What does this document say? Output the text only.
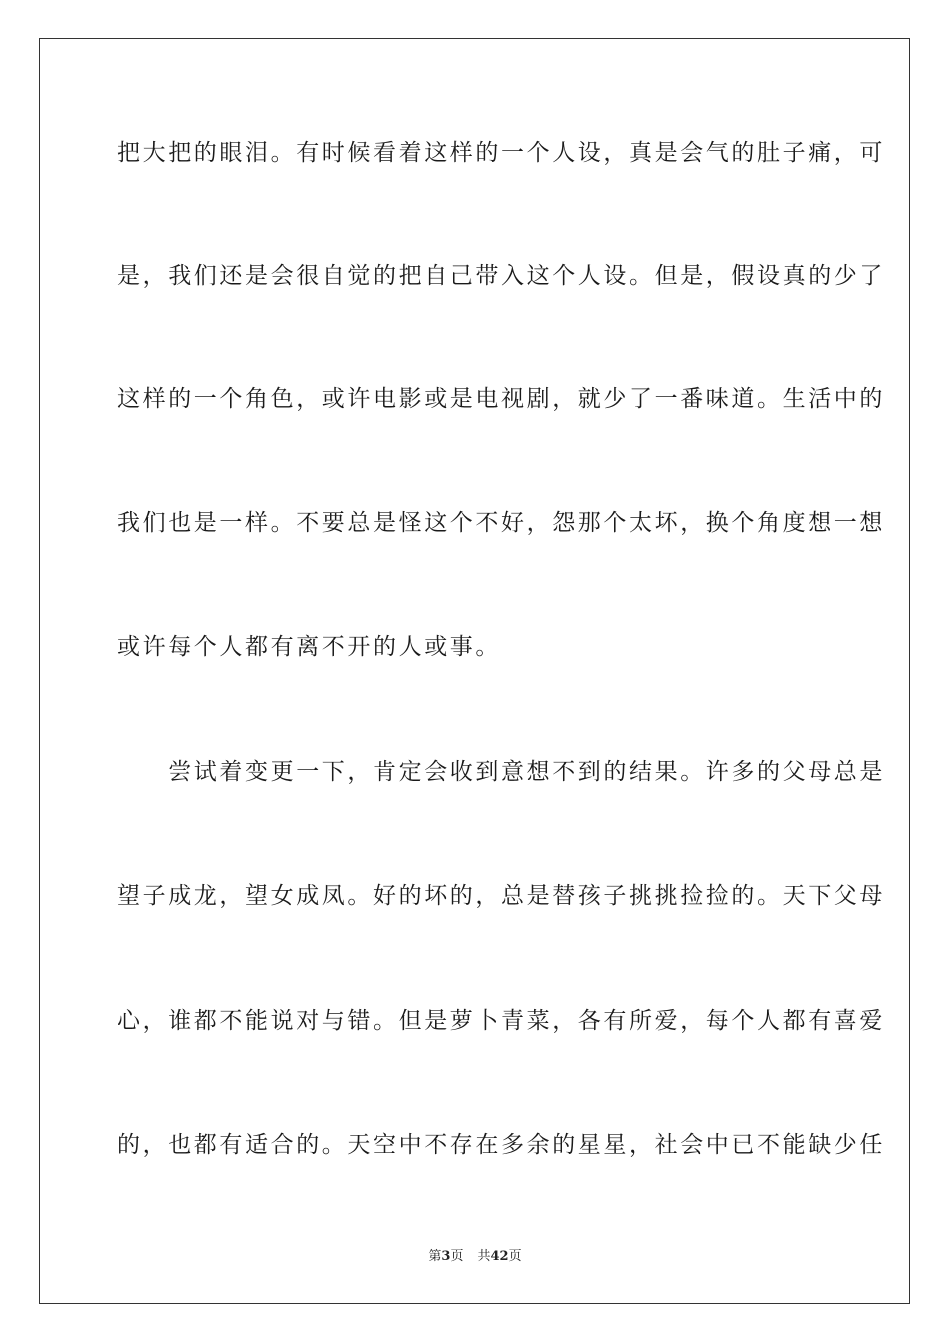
把大把的眼泪。有时候看着这样的一个人设，真是会气的肚子痛，可
是，我们还是会很自觉的把自己带入这个人设。但是，假设真的少了
这样的一个角色，或许电影或是电视剧，就少了一番味道。生活中的
我们也是一样。不要总是怪这个不好，怨那个太坏，换个角度想一想
或许每个人都有离不开的人或事。
　　尝试着变更一下，肯定会收到意想不到的结果。许多的父母总是
望子成龙，望女成凤。好的坏的，总是替孩子挑挑捡捡的。天下父母
心，谁都不能说对与错。但是萝卜青菜，各有所爱，每个人都有喜爱
的，也都有适合的。天空中不存在多余的星星，社会中已不能缺少任
第3页 共42页
